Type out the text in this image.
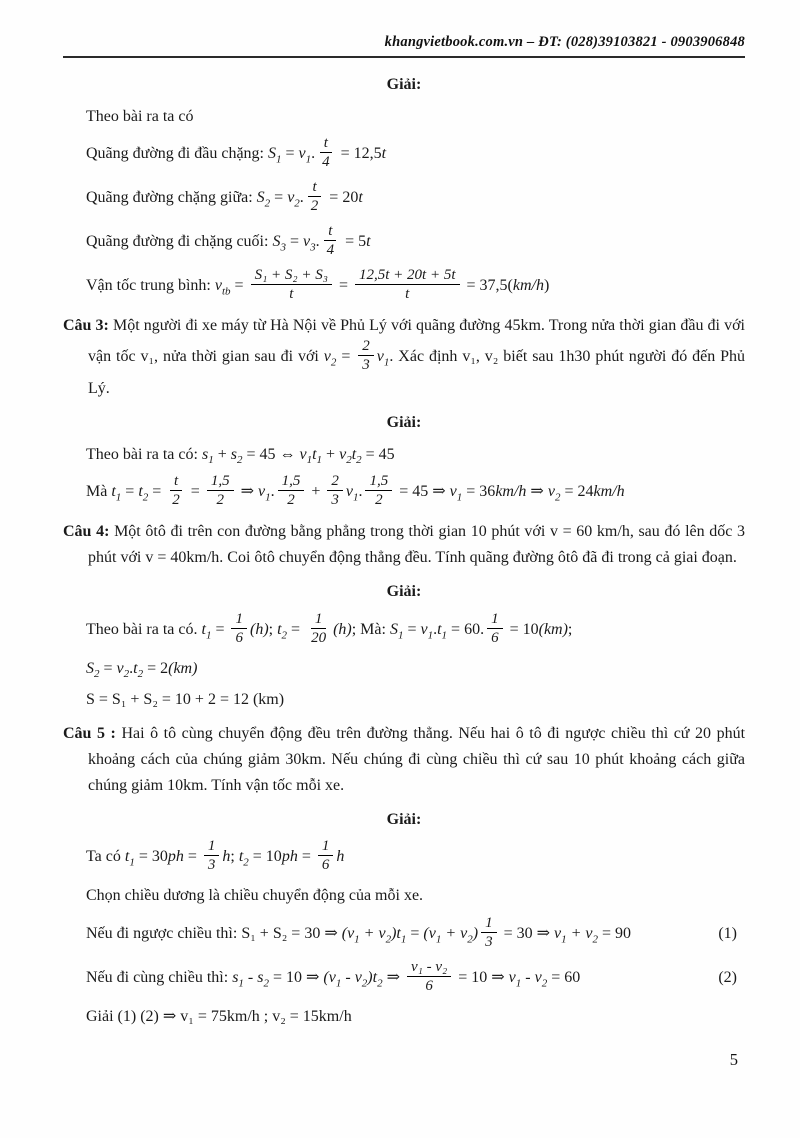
khangvietbook.com.vn – ĐT: (028)39103821 - 0903906848
Giải:
Theo bài ra ta có
Quãng đường đi đầu chặng: $S_1 = v_1$. $\frac{t}{4} = 12,5t$
Quãng đường chặng giữa: $S_2 = v_2$. $\frac{t}{2} = 20t$
Quãng đường đi chặng cuối: $S_3 = v_3$. $\frac{t}{4} = 5t$
Vận tốc trung bình: $v_{tb} = \frac{\text{S₁ + S₂ + S₃}}{t} = \frac{12,5t + 20t + 5t}{t} = 37,5(km/h)$
Câu 3: Một người đi xe máy từ Hà Nội về Phủ Lý với quãng đường 45km. Trong nửa thời gian đầu đi với vận tốc v₁, nửa thời gian sau đi với $v_2 = \frac{2}{3} v_1$. Xác định v₁, v₂ biết sau 1h30 phút người đó đến Phủ Lý.
Giải:
Theo bài ra ta có: $s_1 + s_2 = 45$ ⇔ $v_1t_1 + v_2t_2 = 45$
Mà $t_1 = t_2 = \frac{t}{2} = \frac{1,5}{2}$ ⇒ $v_1$. $\frac{1,5}{2} + \frac{2}{3} v_1$. $\frac{1,5}{2} = 45$ ⇒ $v_1 = 36km/h$ ⇒ $v_2 = 24km/h$
Câu 4: Một ôtô đi trên con đường bằng phẳng trong thời gian 10 phút với v = 60 km/h, sau đó lên dốc 3 phút với v = 40km/h. Coi ôtô chuyển động thẳng đều. Tính quãng đường ôtô đã đi trong cả giai đoạn.
Giải:
Theo bài ra ta có. $t_1 = \frac{1}{6} (h)$; $t_2 = \frac{1}{20} (h)$; Mà: $S_1 = v_1.t_1 = 60$. $\frac{1}{6} = 10(km)$;
$S_2 = v_2.t_2 = 2(km)$
S = S₁ + S₂ = 10 + 2 = 12 (km)
Câu 5 : Hai ô tô cùng chuyển động đều trên đường thẳng. Nếu hai ô tô đi ngược chiều thì cứ 20 phút khoảng cách của chúng giảm 30km. Nếu chúng đi cùng chiều thì cứ sau 10 phút khoảng cách giữa chúng giảm 10km. Tính vận tốc mỗi xe.
Giải:
Ta có $t_1 = 30ph = \frac{1}{3} h$; $t_2 = 10ph = \frac{1}{6}$ h
Chọn chiều dương là chiều chuyển động của mỗi xe.
Nếu đi ngược chiều thì: S₁ + S₂ = 30 ⇒ $(v_1 + v_2)t_1 = (v_1 + v_2) \frac{1}{3} = 30$ ⇒ $v_1 + v_2 = 90$	(1)
Nếu đi cùng chiều thì: $s_1 - s_2 = 10$ ⇒ $(v_1 - v_2)t_2$ ⇒ $\frac{\text{v₁ - v₂}}{6} = 10$ ⇒ $v_1 - v_2 = 60$	(2)
Giải (1) (2) ⇒ v₁ = 75km/h ; v₂ = 15km/h
5
